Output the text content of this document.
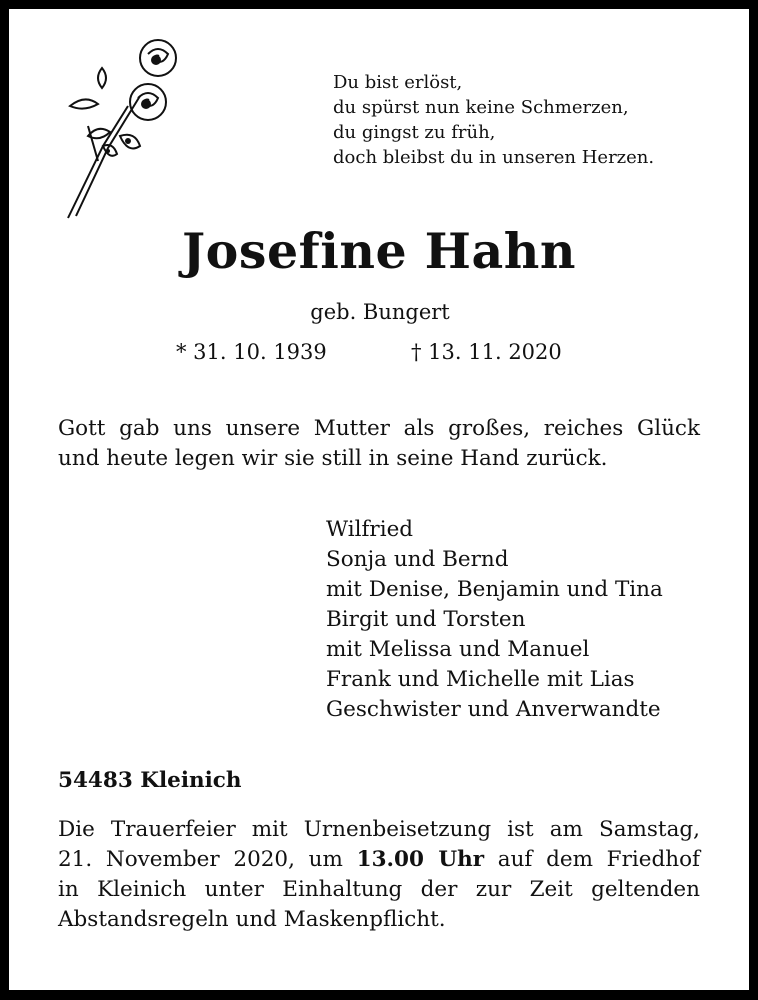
Du bist erlöst,
du spürst nun keine Schmerzen,
du gingst zu früh,
doch bleibst du in unseren Herzen.
Josefine Hahn
geb. Bungert
* 31. 10. 1939	† 13. 11. 2020
Gott gab uns unsere Mutter als großes, reiches Glück
und heute legen wir sie still in seine Hand zurück.
Wilfried
Sonja und Bernd
mit Denise, Benjamin und Tina
Birgit und Torsten
mit Melissa und Manuel
Frank und Michelle mit Lias
Geschwister und Anverwandte
54483 Kleinich
Die Trauerfeier mit Urnenbeisetzung ist am Samstag,
21. November 2020, um 13.00 Uhr auf dem Friedhof
in Kleinich unter Einhaltung der zur Zeit geltenden
Abstandsregeln und Maskenpflicht.
